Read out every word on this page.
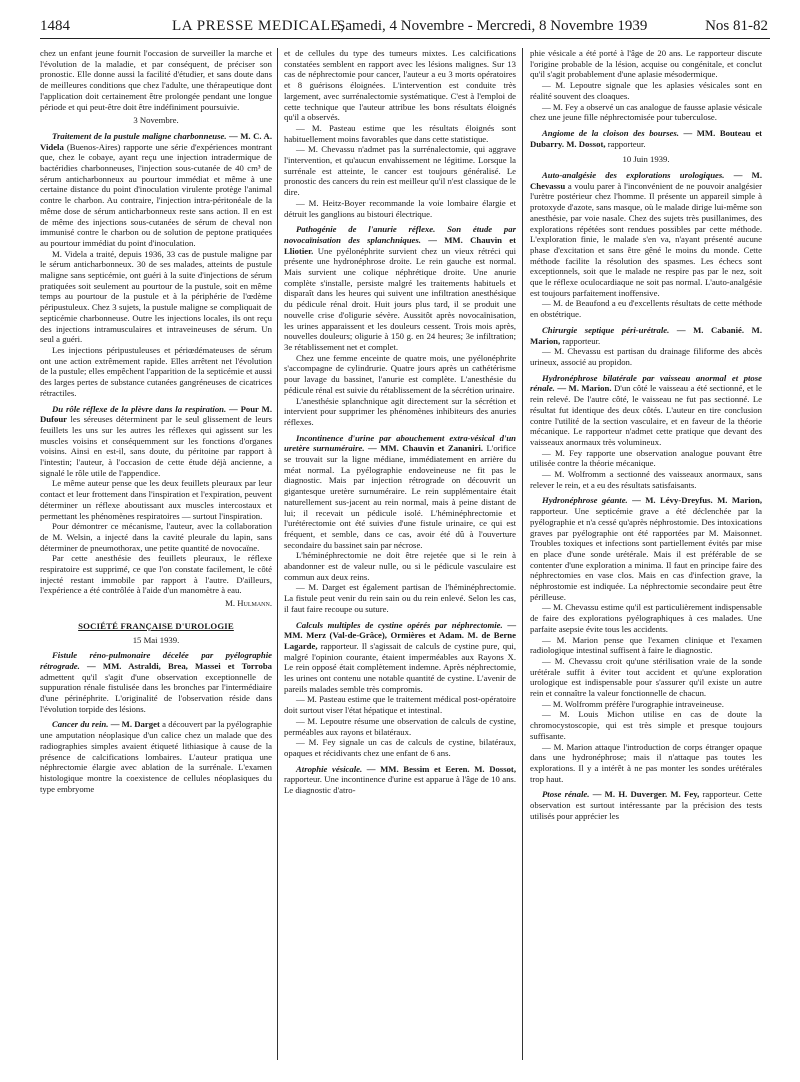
1484	LA PRESSE MEDICALE,
Samedi, 4 Novembre - Mercredi, 8 Novembre 1939	Nos 81-82

chez un enfant jeune fournit l'occasion de surveiller la marche et l'évolution de la maladie, et par conséquent, de préciser son pronostic. Elle donne aussi la facilité d'étudier, et sans doute dans de meilleures conditions que chez l'adulte, une thérapeutique dont l'application doit certainement être prolongée pendant une longue période et qui peut-être doit être indéfiniment poursuivie.

3 Novembre.

Traitement de la pustule maligne charbonneuse. — M. C. A. Videla (Buenos-Aires) rapporte une série d'expériences montrant que, chez le cobaye, ayant reçu une injection intradermique de bactéridies charbonneuses, l'injection sous-cutanée de 40 cm³ de sérum anticharbonneux au pourtour immédiat et même à une certaine distance du point d'inoculation virulente protège l'animal contre le charbon. Au contraire, l'injection intra-péritonéale de la même dose de sérum anticharbonneux reste sans action. Il en est de même des injections sous-cutanées de sérum de cheval non immunisé contre le charbon ou de solution de peptone pratiquées au pourtour immédiat du point d'inoculation.

M. Videla a traité, depuis 1936, 33 cas de pustule maligne par le sérum anticharbonneux. 30 de ses malades, atteints de pustule maligne sans septicémie, ont guéri à la suite d'injections de sérum pratiquées soit seulement au pourtour de la pustule, soit en même temps au pourtour de la pustule et à la périphérie de l'œdème péripustuleux. Chez 3 sujets, la pustule maligne se compliquait de septicémie charbonneuse. Outre les injections locales, ils ont reçu des injections intramusculaires et intraveineuses de sérum. Un seul a guéri.

Les injections péripustuleuses et périœdémateuses de sérum ont une action extrêmement rapide. Elles arrêtent net l'évolution de la pustule; elles empêchent l'apparition de la septicémie et aussi des larges pertes de substance cutanées gangréneuses de cicatrices rétractiles.

Du rôle réflexe de la plèvre dans la respiration. — Pour M. Dufour les séreuses déterminent par le seul glissement de leurs feuillets les uns sur les autres les réflexes qui agissent sur les muscles voisins et conséquemment sur les fonctions d'organes voisins. Ainsi en est-il, sans doute, du péritoine par rapport à l'intestin; l'auteur, à l'occasion de cette étude déjà ancienne, a signalé le rôle utile de l'appendice.

Le même auteur pense que les deux feuillets pleuraux par leur contact et leur frottement dans l'inspiration et l'expiration, peuvent déterminer un réflexe aboutissant aux muscles intercostaux et permettant les phénomènes respiratoires — surtout l'inspiration.

Pour démontrer ce mécanisme, l'auteur, avec la collaboration de M. Welsin, a injecté dans la cavité pleurale du lapin, sans déterminer de pneumothorax, une petite quantité de novocaïne.

Par cette anesthésie des feuillets pleuraux, le réflexe respiratoire est supprimé, ce que l'on constate facilement, le côté injecté restant immobile par rapport à l'autre. D'ailleurs, l'expérience a été contrôlée à l'aide d'un manomètre à eau.

M. Hulmann.

SOCIÉTÉ FRANÇAISE D'UROLOGIE

15 Mai 1939.

Fistule réno-pulmonaire décelée par pyélographie rétrograde. — MM. Astraldi, Brea, Massei et Torroba admettent qu'il s'agit d'une observation exceptionnelle de suppuration rénale fistulisée dans les bronches par l'intermédiaire d'une périnéphrite. L'originalité de l'observation réside dans l'évolution torpide des lésions.

Cancer du rein. — M. Darget a découvert par la pyélographie une amputation néoplasique d'un calice chez un malade que des radiographies simples avaient étiqueté lithiasique à cause de la présence de calcifications lombaires. L'auteur pratiqua une néphrectomie élargie avec ablation de la surrénale. L'examen histologique montre la coexistence de cellules néoplasiques du type embryome

et de cellules du type des tumeurs mixtes. Les calcifications constatées semblent en rapport avec les lésions malignes. Sur 13 cas de néphrectomie pour cancer, l'auteur a eu 3 morts opératoires et 8 guérisons éloignées. L'intervention est conduite très largement, avec surrénalectomie systématique. C'est à l'emploi de cette technique que l'auteur attribue les bons résultats éloignés qu'il a observés.

— M. Pasteau estime que les résultats éloignés sont habituellement moins favorables que dans cette statistique.

— M. Chevassu n'admet pas la surrénalectomie, qui aggrave l'intervention, et qu'aucun envahissement ne légitime. Lorsque la surrénale est atteinte, le cancer est toujours généralisé. Le pronostic des cancers du rein est meilleur qu'il n'est classique de le dire.

— M. Heitz-Boyer recommande la voie lombaire élargie et détruit les ganglions au bistouri électrique.

Pathogénie de l'anurie réflexe. Son étude par novocaïnisation des splanchniques. — MM. Chauvin et Lliotier. Une pyélonéphrite survient chez un vieux rétréci qui présente une hydronéphrose droite. Le rein gauche est normal. Mais survient une colique néphrétique droite. Une anurie complète s'installe, persiste malgré les traitements habituels et disparaît dans les heures qui suivent une infiltration anesthésique du pédicule rénal droit. Huit jours plus tard, il se produit une nouvelle crise d'oligurie sévère. Aussitôt après novocaïnisation, les urines apparaissent et les douleurs cessent. Trois mois après, nouvelles douleurs; oligurie à 150 g. en 24 heures; 3e infiltration; 3e rétablissement net et complet.

Chez une femme enceinte de quatre mois, une pyélonéphrite s'accompagne de cylindrurie. Quatre jours après un cathétérisme pour lavage du bassinet, l'anurie est complète. L'anesthésie du pédicule rénal est suivie du rétablissement de la sécrétion urinaire.

L'anesthésie splanchnique agit directement sur la sécrétion et intervient pour supprimer les phénomènes inhibiteurs des anuries réflexes.

Incontinence d'urine par abouchement extra-vésical d'un uretère surnuméraire. — MM. Chauvin et Zananiri. L'orifice se trouvait sur la ligne médiane, immédiatement en arrière du méat normal. La pyélographie endoveineuse ne fit pas le diagnostic. Mais par injection rétrograde on découvrit un gigantesque uretère surnuméraire. Le rein supplémentaire était naturellement sus-jacent au rein normal, mais à peine distant de lui; il recevait un pédicule isolé. L'héminéphrectomie et l'urétérectomie ont été suivies d'une fistule urinaire, ce qui est fréquent, et semble, dans ce cas, avoir été dû à l'ouverture secondaire du bassinet sain par nécrose.

L'héminéphrectomie ne doit être rejetée que si le rein à abandonner est de valeur nulle, ou si le pédicule vasculaire est commun aux deux reins.

— M. Darget est également partisan de l'héminéphrectomie. La fistule peut venir du rein sain ou du rein enlevé. Selon les cas, il faut faire recoupe ou suture.

Calculs multiples de cystine opérés par néphrectomie. — MM. Merz (Val-de-Grâce), Ormières et Adam. M. de Berne Lagarde, rapporteur. Il s'agissait de calculs de cystine pure, qui, malgré l'opinion courante, étaient imperméables aux Rayons X. Le rein opposé était complètement indemne. Après néphrectomie, les urines ont contenu une notable quantité de cystine. L'avenir de pareils malades semble très compromis.

— M. Pasteau estime que le traitement médical post-opératoire doit surtout viser l'état hépatique et intestinal.

— M. Lepoutre résume une observation de calculs de cystine, perméables aux rayons et bilatéraux.

— M. Fey signale un cas de calculs de cystine, bilatéraux, opaques et récidivants chez une enfant de 6 ans.

Atrophie vésicale. — MM. Bessim et Eeren. M. Dossot, rapporteur. Une incontinence d'urine est apparue à l'âge de 10 ans. Le diagnostic d'atro-

phie vésicale a été porté à l'âge de 20 ans. Le rapporteur discute l'origine probable de la lésion, acquise ou congénitale, et conclut qu'il s'agit probablement d'une aplasie mésodermique.

— M. Lepoutre signale que les aplasies vésicales sont en réalité souvent des cloaques.

— M. Fey a observé un cas analogue de fausse aplasie vésicale chez une jeune fille néphrectomisée pour tuberculose.

Angiome de la cloison des bourses. — MM. Bouteau et Dubarry. M. Dossot, rapporteur.

10 Juin 1939.

Auto-analgésie des explorations urologiques. — M. Chevassu a voulu parer à l'inconvénient de ne pouvoir analgésier l'urètre postérieur chez l'homme. Il présente un appareil simple à protoxyde d'azote, sans masque, où le malade dirige lui-même son anesthésie, par voie nasale. Chez des sujets très pusillanimes, des explorations répétées sont rendues possibles par cette méthode. L'exploration finie, le malade s'en va, n'ayant présenté aucune phase d'excitation et sans être gêné le moins du monde. Cette méthode facilite la résolution des spasmes. Les échecs sont exceptionnels, soit que le malade ne respire pas par le nez, soit que le réflexe oculocardiaque ne soit pas normal. L'auto-analgésie est toujours parfaitement inoffensive.

— M. de Beaufond a eu d'excellents résultats de cette méthode en obstétrique.

Chirurgie septique péri-urétrale. — M. Cabanié. M. Marion, rapporteur.

— M. Chevassu est partisan du drainage filiforme des abcès urineux, associé au propidon.

Hydronéphrose bilatérale par vaisseau anormal et ptose rénale. — M. Marion. D'un côté le vaisseau a été sectionné, et le rein relevé. De l'autre côté, le vaisseau ne fut pas sectionné. Le résultat fut identique des deux côtés. L'auteur en tire conclusion contre l'utilité de la section vasculaire, et en faveur de la théorie mécanique. Le rapporteur n'admet cette pratique que devant des vaisseaux anormaux très volumineux.

— M. Fey rapporte une observation analogue pouvant être utilisée contre la théorie mécanique.

— M. Wolfromm a sectionné des vaisseaux anormaux, sans relever le rein, et a eu des résultats satisfaisants.

Hydronéphrose géante. — M. Lévy-Dreyfus. M. Marion, rapporteur. Une septicémie grave a été déclenchée par la pyélographie et n'a cessé qu'après néphrostomie. Des intoxications graves par pyélographie ont été rapportées par M. Maisonnet. Troubles toxiques et infections sont partiellement évités par mise en place d'une sonde urétérale. Mais il est préférable de se contenter d'une exploration a minima. Il faut en principe faire des néphrectomies en vase clos. Mais en cas d'infection grave, la néphrostomie est indiquée. La néphrectomie secondaire peut être périlleuse.

— M. Chevassu estime qu'il est particulièrement indispensable de faire des explorations pyélographiques à ces malades. Une parfaite asepsie évite tous les accidents.

— M. Marion pense que l'examen clinique et l'examen radiologique intestinal suffisent à faire le diagnostic.

— M. Chevassu croit qu'une stérilisation vraie de la sonde urétérale suffit à éviter tout accident et qu'une exploration urologique est indispensable pour s'assurer qu'il existe un autre rein et connaître la valeur fonctionnelle de chacun.

— M. Wolfromm préfère l'urographie intraveineuse.

— M. Louis Michon utilise en cas de doute la chromocystoscopie, qui est très simple et presque toujours suffisante.

— M. Marion attaque l'introduction de corps étranger opaque dans une hydronéphrose; mais il n'attaque pas toutes les explorations. Il y a intérêt à ne pas monter les sondes urétérales trop haut.

Ptose rénale. — M. H. Duverger. M. Fey, rapporteur. Cette observation est surtout intéressante par la précision des tests utilisés pour apprécier les
